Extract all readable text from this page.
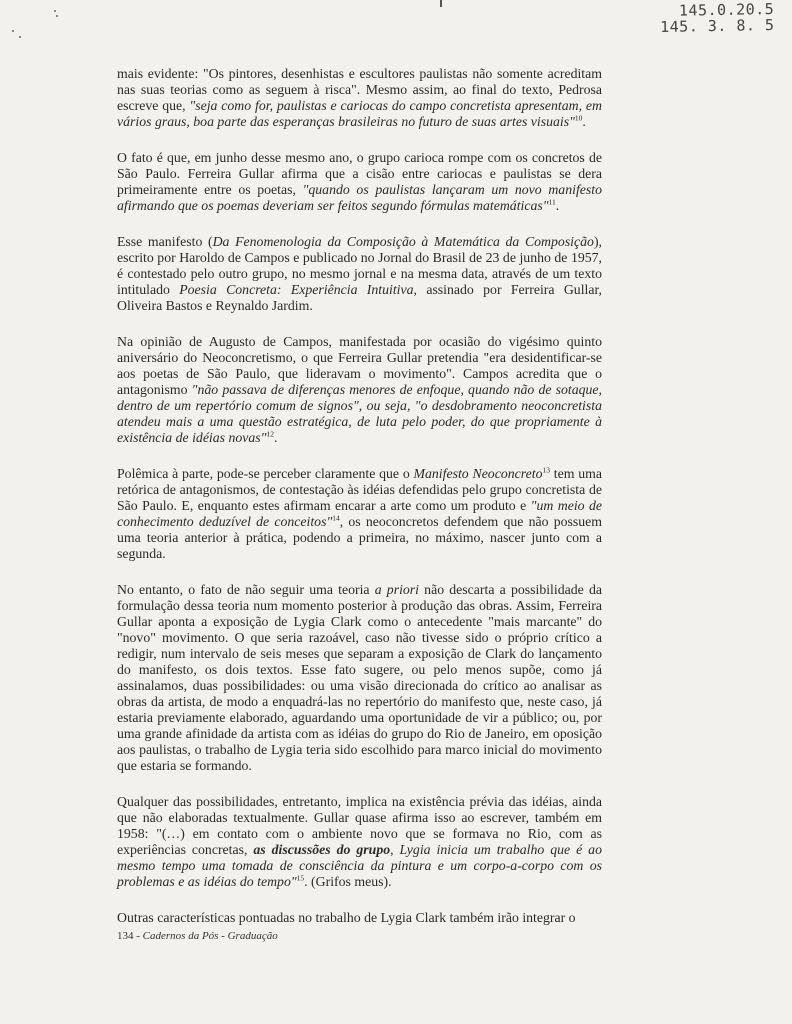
145.0.20.5
145. 3. 8. 5

mais evidente: "Os pintores, desenhistas e escultores paulistas não somente acreditam nas suas teorias como as seguem à risca". Mesmo assim, ao final do texto, Pedrosa escreve que, "seja como for, paulistas e cariocas do campo concretista apresentam, em vários graus, boa parte das esperanças brasileiras no futuro de suas artes visuais"$^{10}$.

O fato é que, em junho desse mesmo ano, o grupo carioca rompe com os concretos de São Paulo. Ferreira Gullar afirma que a cisão entre cariocas e paulistas se dera primeiramente entre os poetas, "quando os paulistas lançaram um novo manifesto afirmando que os poemas deveriam ser feitos segundo fórmulas matemáticas"$^{11}$.

Esse manifesto (Da Fenomenologia da Composição à Matemática da Composição), escrito por Haroldo de Campos e publicado no Jornal do Brasil de 23 de junho de 1957, é contestado pelo outro grupo, no mesmo jornal e na mesma data, através de um texto intitulado Poesia Concreta: Experiência Intuitiva, assinado por Ferreira Gullar, Oliveira Bastos e Reynaldo Jardim.

Na opinião de Augusto de Campos, manifestada por ocasião do vigésimo quinto aniversário do Neoconcretismo, o que Ferreira Gullar pretendia "era desidentificar-se aos poetas de São Paulo, que lideravam o movimento". Campos acredita que o antagonismo "não passava de diferenças menores de enfoque, quando não de sotaque, dentro de um repertório comum de signos", ou seja, "o desdobramento neoconcretista atendeu mais a uma questão estratégica, de luta pelo poder, do que propriamente à existência de idéias novas"$^{12}$.

Polêmica à parte, pode-se perceber claramente que o Manifesto Neoconcreto$^{13}$ tem uma retórica de antagonismos, de contestação às idéias defendidas pelo grupo concretista de São Paulo. E, enquanto estes afirmam encarar a arte como um produto e "um meio de conhecimento deduzível de conceitos"$^{14}$, os neoconcretos defendem que não possuem uma teoria anterior à prática, podendo a primeira, no máximo, nascer junto com a segunda.

No entanto, o fato de não seguir uma teoria a priori não descarta a possibilidade da formulação dessa teoria num momento posterior à produção das obras. Assim, Ferreira Gullar aponta a exposição de Lygia Clark como o antecedente "mais marcante" do "novo" movimento. O que seria razoável, caso não tivesse sido o próprio crítico a redigir, num intervalo de seis meses que separam a exposição de Clark do lançamento do manifesto, os dois textos. Esse fato sugere, ou pelo menos supõe, como já assinalamos, duas possibilidades: ou uma visão direcionada do crítico ao analisar as obras da artista, de modo a enquadrá-las no repertório do manifesto que, neste caso, já estaria previamente elaborado, aguardando uma oportunidade de vir a público; ou, por uma grande afinidade da artista com as idéias do grupo do Rio de Janeiro, em oposição aos paulistas, o trabalho de Lygia teria sido escolhido para marco inicial do movimento que estaria se formando.

Qualquer das possibilidades, entretanto, implica na existência prévia das idéias, ainda que não elaboradas textualmente. Gullar quase afirma isso ao escrever, também em 1958: "(…) em contato com o ambiente novo que se formava no Rio, com as experiências concretas, as discussões do grupo, Lygia inicia um trabalho que é ao mesmo tempo uma tomada de consciência da pintura e um corpo-a-corpo com os problemas e as idéias do tempo"$^{15}$. (Grifos meus).

Outras características pontuadas no trabalho de Lygia Clark também irão integrar o

134 - Cadernos da Pós - Graduação
